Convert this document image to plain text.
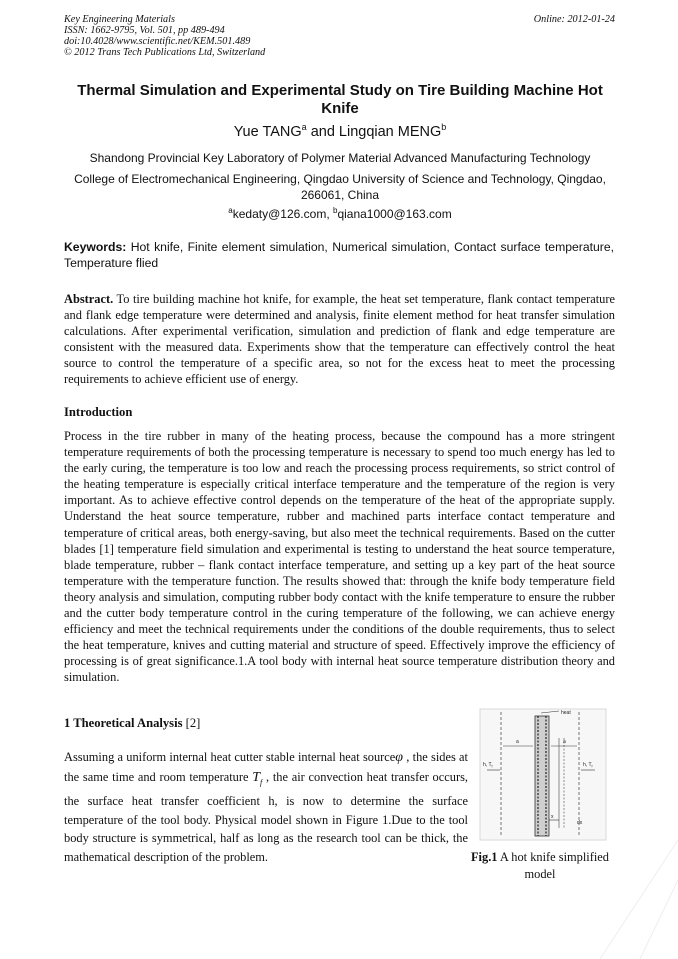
Key Engineering Materials
ISSN: 1662-9795, Vol. 501, pp 489-494
doi:10.4028/www.scientific.net/KEM.501.489
© 2012 Trans Tech Publications Ltd, Switzerland
Online: 2012-01-24
Thermal Simulation and Experimental Study on Tire Building Machine Hot Knife
Yue TANG$^a$ and Lingqian MENG$^b$
Shandong Provincial Key Laboratory of Polymer Material Advanced Manufacturing Technology
College of Electromechanical Engineering, Qingdao University of Science and Technology, Qingdao, 266061, China
$^a$kedaty@126.com, $^b$qiana1000@163.com
Keywords: Hot knife, Finite element simulation, Numerical simulation, Contact surface temperature, Temperature flied
Abstract. To tire building machine hot knife, for example, the heat set temperature, flank contact temperature and flank edge temperature were determined and analysis, finite element method for heat transfer simulation calculations. After experimental verification, simulation and prediction of flank and edge temperature are consistent with the measured data. Experiments show that the temperature can effectively control the heat source to control the temperature of a specific area, so not for the excess heat to meet the processing requirements to achieve efficient use of energy.
Introduction
Process in the tire rubber in many of the heating process, because the compound has a more stringent temperature requirements of both the processing temperature is necessary to spend too much energy has led to the early curing, the temperature is too low and reach the processing process requirements, so strict control of the heating temperature is especially critical interface temperature and the temperature of the region is very important. As to achieve effective control depends on the temperature of the heat of the appropriate supply. Understand the heat source temperature, rubber and machined parts interface contact temperature and temperature of critical areas, both energy-saving, but also meet the technical requirements. Based on the cutter blades [1] temperature field simulation and experimental is testing to understand the heat source temperature, blade temperature, rubber – flank contact interface temperature, and setting up a key part of the heat source temperature with the temperature function. The results showed that: through the knife body temperature field theory analysis and simulation, computing rubber body contact with the knife temperature to ensure the rubber and the cutter body temperature control in the curing temperature of the following, we can achieve energy efficiency and meet the technical requirements under the conditions of the double requirements, thus to select the heat temperature, knives and cutting material and structure of speed. Effectively improve the efficiency of processing is of great significance.1.A tool body with internal heat source temperature distribution theory and simulation.
1 Theoretical Analysis [2]
Assuming a uniform internal heat cutter stable internal heat sourceφ , the sides at the same time and room temperature $T_f$ , the air convection heat transfer occurs, the surface heat transfer coefficient h, is now to determine the surface temperature of the tool body. Physical model shown in Figure 1.Due to the tool body structure is symmetrical, half as long as the research tool can be thick, the mathematical description of the problem.
heat
a	a
h, $T_f$	h, $T_f$
x
dx
Fig.1 A hot knife simplified model
